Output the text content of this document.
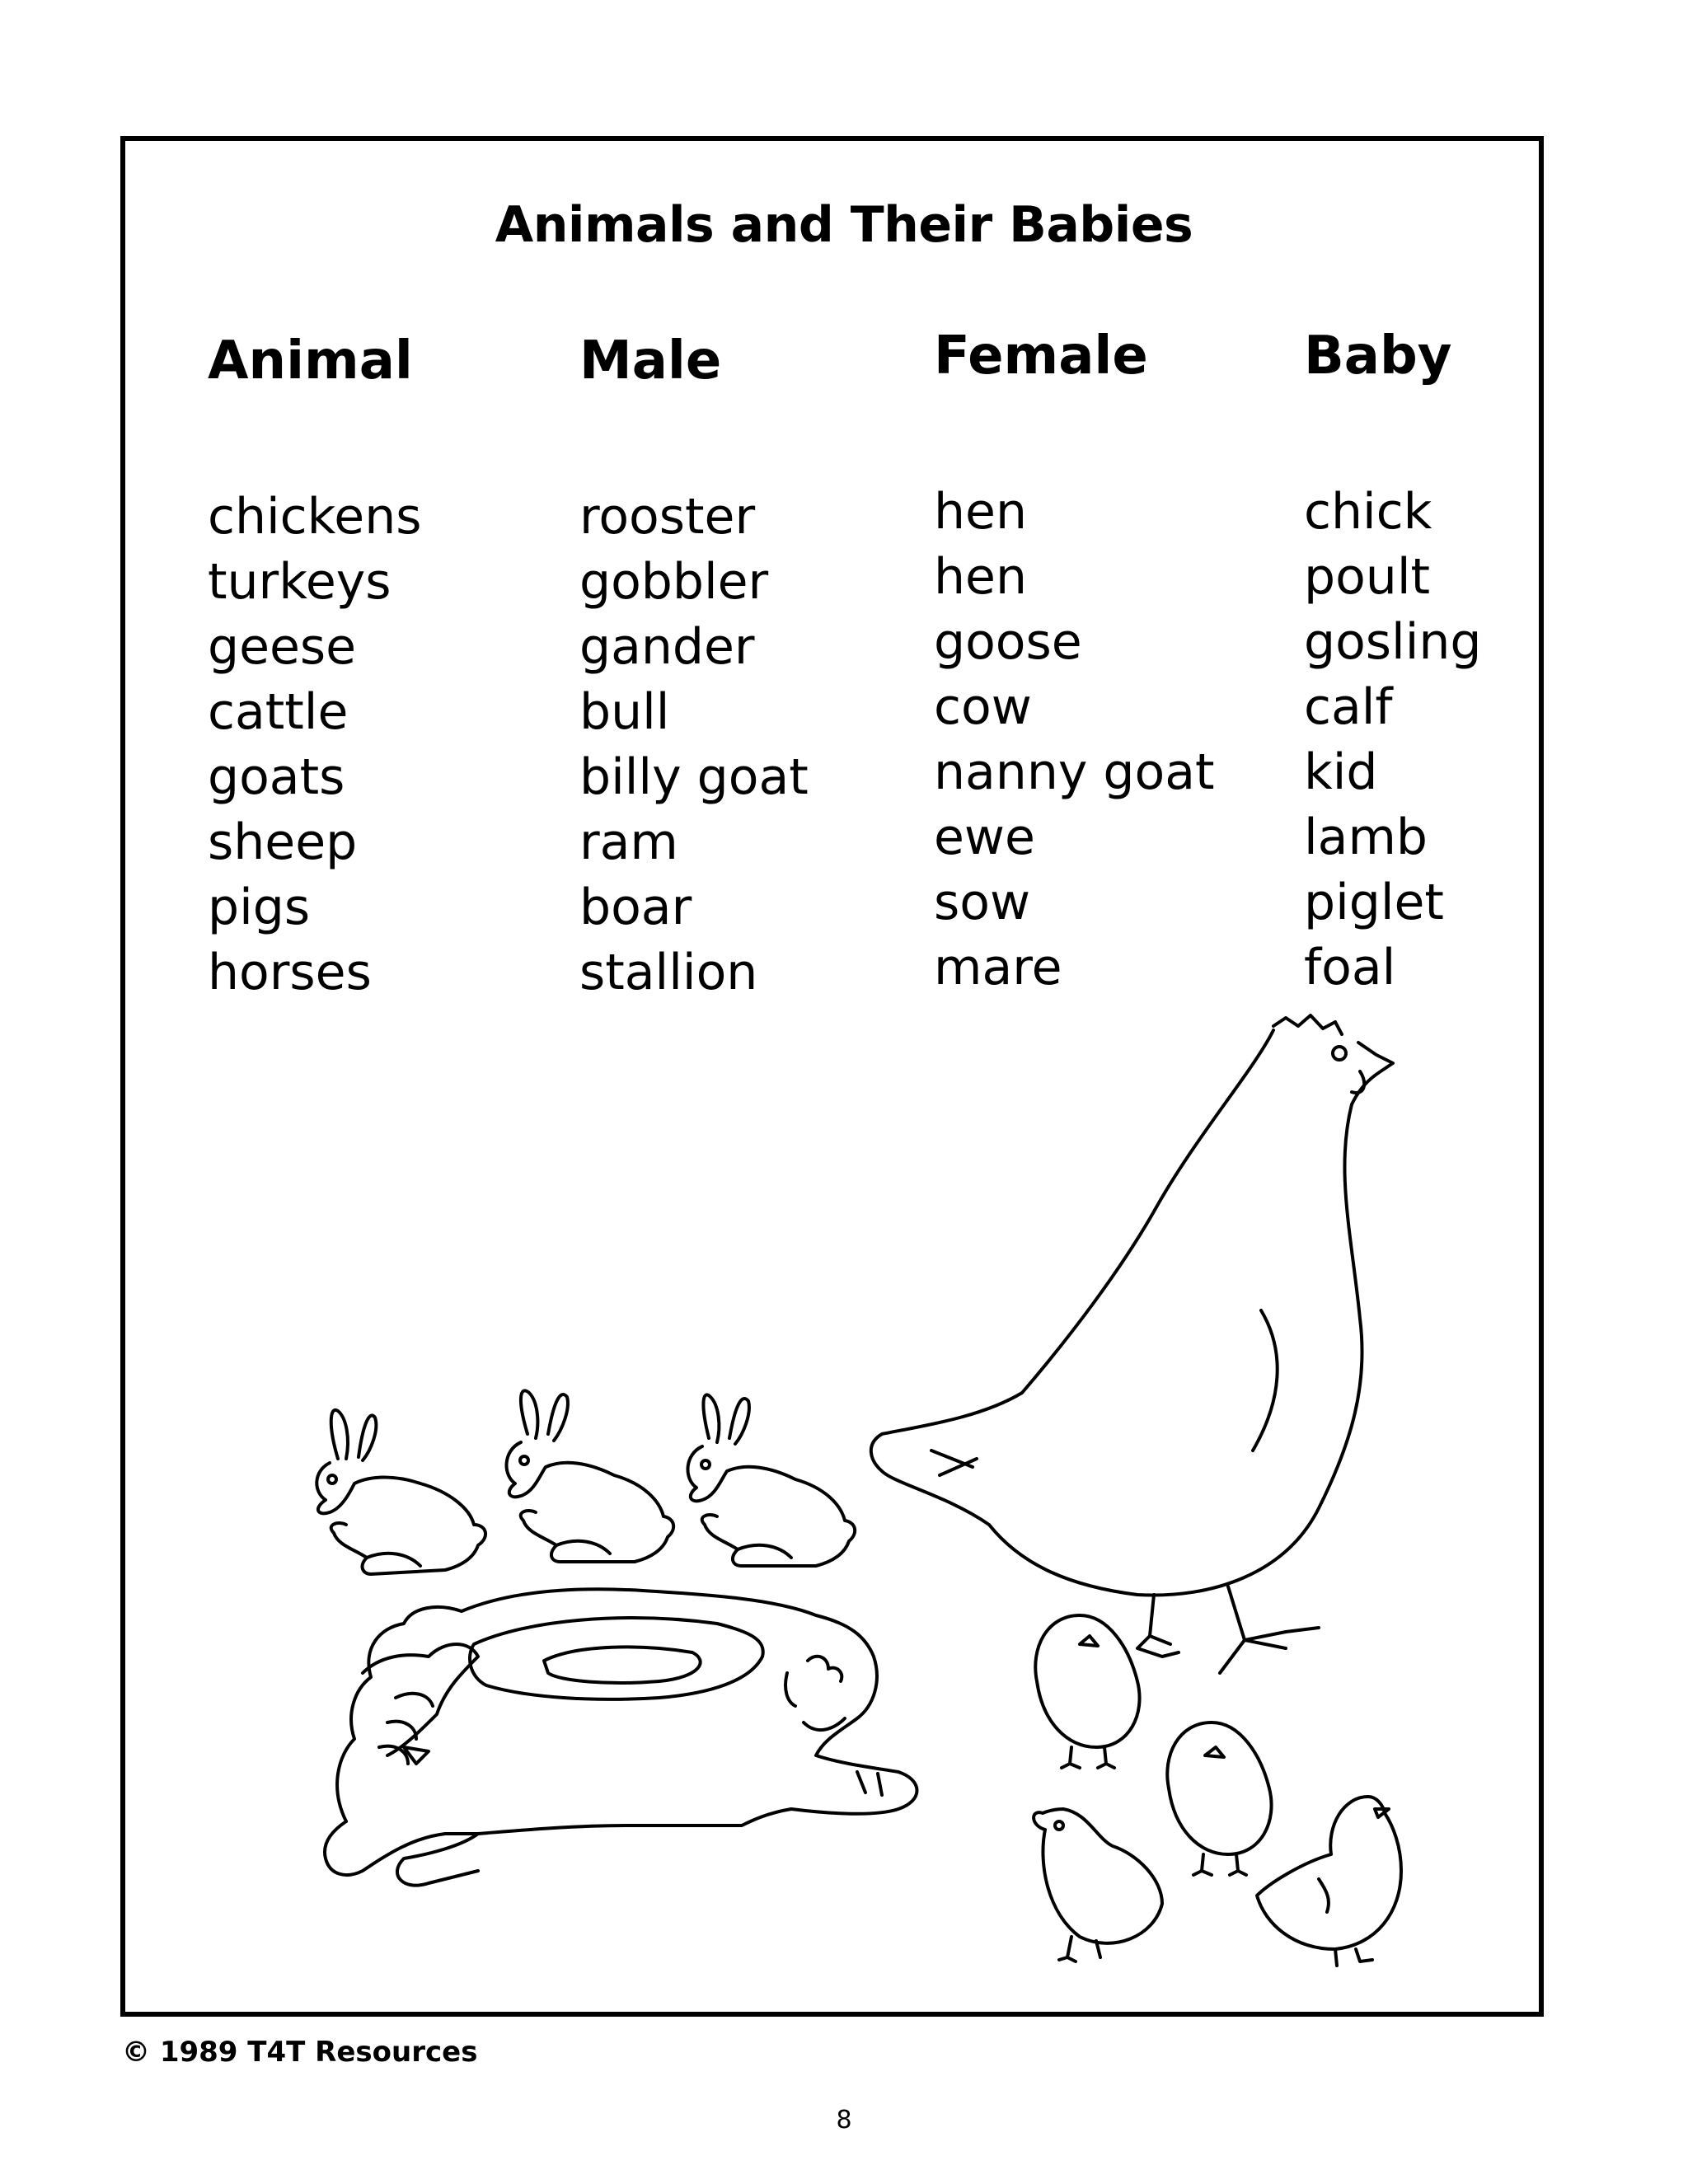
Animals and Their Babies
Animal
chickens
turkeys
geese
cattle
goats
sheep
pigs
horses
Male
rooster
gobbler
gander
bull
billy goat
ram
boar
stallion
Female
hen
hen
goose
cow
nanny goat
ewe
sow
mare
Baby
chick
poult
gosling
calf
kid
lamb
piglet
foal
© 1989 T4T Resources
8
